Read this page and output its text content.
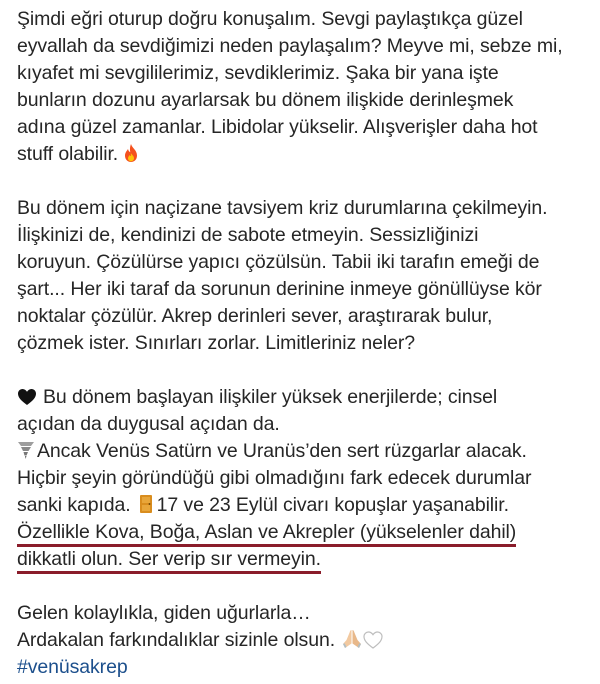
Şimdi eğri oturup doğru konuşalım. Sevgi paylaştıkça güzel
eyvallah da sevdiğimizi neden paylaşalım? Meyve mi, sebze mi,
kıyafet mi sevgililerimiz, sevdiklerimiz. Şaka bir yana işte
bunların dozunu ayarlarsak bu dönem ilişkide derinleşmek
adına güzel zamanlar. Libidolar yükselir. Alışverişler daha hot
stuff olabilir.
Bu dönem için naçizane tavsiyem kriz durumlarına çekilmeyin.
İlişkinizi de, kendinizi de sabote etmeyin. Sessizliğinizi
koruyun. Çözülürse yapıcı çözülsün. Tabii iki tarafın emeği de
şart... Her iki taraf da sorunun derinine inmeye gönüllüyse kör
noktalar çözülür. Akrep derinleri sever, araştırarak bulur,
çözmek ister. Sınırları zorlar. Limitleriniz neler?
Bu dönem başlayan ilişkiler yüksek enerjilerde; cinsel
açıdan da duygusal açıdan da.
Ancak Venüs Satürn ve Uranüs’den sert rüzgarlar alacak.
Hiçbir şeyin göründüğü gibi olmadığını fark edecek durumlar
sanki kapıda. 17 ve 23 Eylül civarı kopuşlar yaşanabilir.
Özellikle Kova, Boğa, Aslan ve Akrepler (yükselenler dahil)
dikkatli olun. Ser verip sır vermeyin.
Gelen kolaylıkla, giden uğurlarla…
Ardakalan farkındalıklar sizinle olsun.
#venüsakrep
